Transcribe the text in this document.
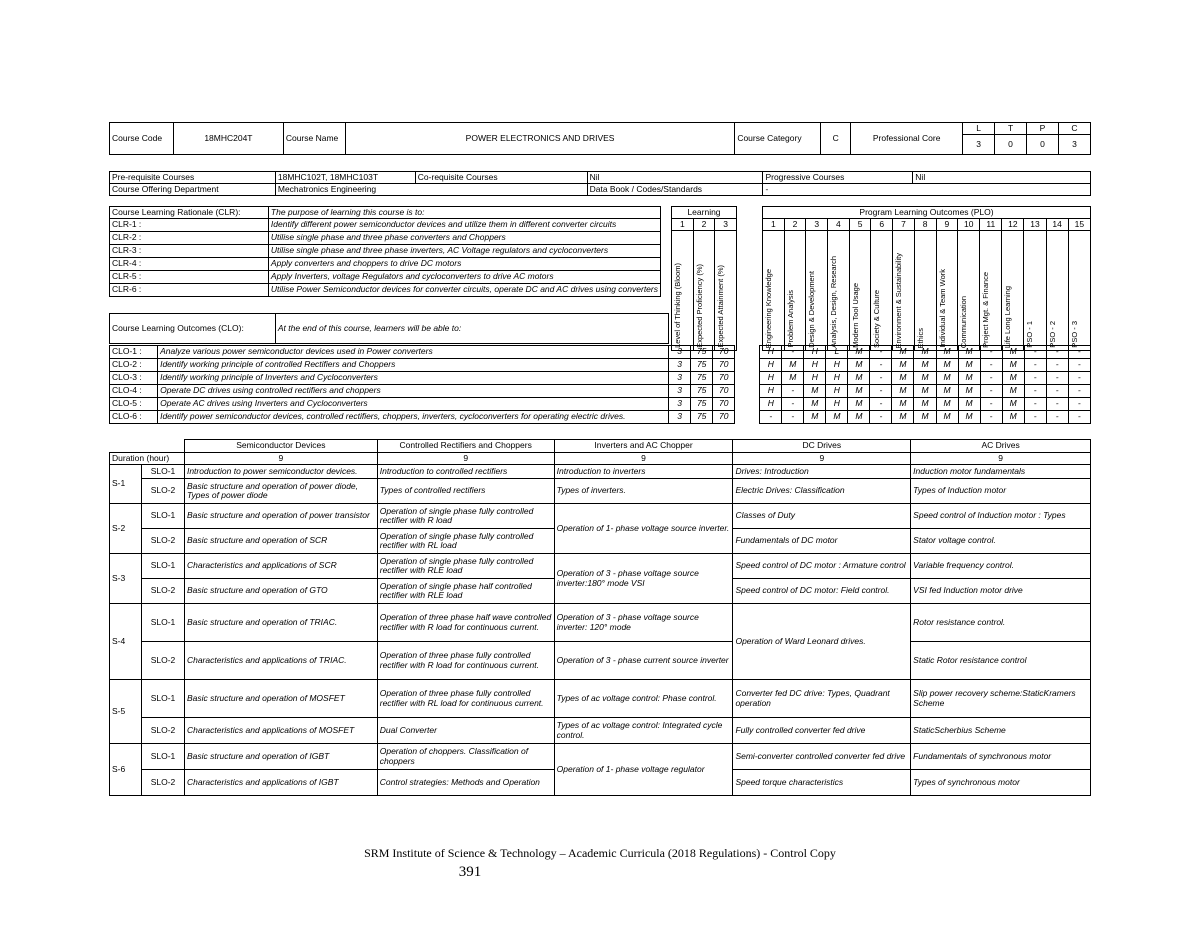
Course Code	18MHC204T	Course Name	POWER ELECTRONICS AND DRIVES	Course Category	C	Professional Core	L	T	P	C
							3	0	0	3
Pre-requisite Courses	18MHC102T, 18MHC103T	Co-requisite Courses	Nil	Progressive Courses	Nil
Course Offering Department	Mechatronics Engineering		Data Book / Codes/Standards	-	
Course Learning Rationale (CLR):	The purpose of learning this course is to:
CLR-1 :	Identify different power semiconductor devices and utilize them in different converter circuits
CLR-2 :	Utilise single phase and three phase converters and Choppers
CLR-3 :	Utilise single phase and three phase inverters, AC Voltage regulators and cycloconverters
CLR-4 :	Apply converters and choppers to drive DC motors
CLR-5 :	Apply Inverters, voltage Regulators and cycloconverters to drive AC motors
CLR-6 :	Utilise Power Semiconductor devices for converter circuits, operate DC and AC drives using converters
Course Learning Outcomes (CLO):	At the end of this course, learners will be able to:
Learning		
1	2	3

Level of Thinking (Bloom)	Expected Proficiency (%)	Expected Attainment (%)
Program Learning Outcomes (PLO)														
1	2	3	4	5	6	7	8	9	10	11	12	13	14	15

Engineering Knowledge	Problem Analysis	Design & Development	Analysis, Design, Research	Modern Tool Usage	Society & Culture	Environment & Sustainability	Ethics	Individual & Team Work	Communication	Project Mgt. & Finance	Life Long Learning	PSO - 1	PSO - 2	PSO - 3
CLO-1 :	Analyze various power semiconductor devices used in Power converters	3	75	70		H	-	H	L	M	-	M	M	M	M	-	M	-	-	-
CLO-2 :	Identify working principle of controlled Rectifiers and Choppers	3	75	70		H	M	H	H	M	-	M	M	M	M	-	M	-	-	-
CLO-3 :	Identify working principle of Inverters and Cycloconverters	3	75	70		H	M	H	H	M	-	M	M	M	M	-	M	-	-	-
CLO-4 :	Operate DC drives using controlled rectifiers and choppers	3	75	70		H	-	M	H	M	-	M	M	M	M	-	M	-	-	-
CLO-5 :	Operate AC drives using Inverters and Cycloconverters	3	75	70		H	-	M	H	M	-	M	M	M	M	-	M	-	-	-
CLO-6 :	Identify power semiconductor devices, controlled rectifiers, choppers, inverters, cycloconverters for operating electric drives.	3	75	70		-	-	M	M	M	-	M	M	M	M	-	M	-	-	-
		Semiconductor Devices	Controlled Rectifiers and Choppers	Inverters and AC Chopper	DC Drives	AC Drives
Duration (hour)		9	9	9	9	9
S-1	SLO-1	Introduction to power semiconductor devices.	Introduction to controlled rectifiers	Introduction to inverters	Drives: Introduction	Induction motor fundamentals
	SLO-2	Basic structure and operation of power diode, Types of power diode	Types of controlled rectifiers	Types of inverters.	Electric Drives: Classification	Types of Induction motor
S-2	SLO-1	Basic structure and operation of power transistor	Operation of single phase fully controlled rectifier with R load	Operation of 1- phase voltage source inverter.	Classes of Duty	Speed control of Induction motor : Types
	SLO-2	Basic structure and operation of SCR	Operation of single phase fully controlled rectifier with RL load		Fundamentals of DC motor	Stator voltage control.
S-3	SLO-1	Characteristics and applications of SCR	Operation of single phase fully controlled rectifier with RLE load	Operation of 3 - phase voltage source inverter:180° mode VSI	Speed control of DC motor : Armature control	Variable frequency control.
	SLO-2	Basic structure and operation of GTO	Operation of single phase half controlled rectifier with RLE load		Speed control of DC motor: Field control.	VSI fed Induction motor drive
S-4	SLO-1	Basic structure and operation of TRIAC.	Operation of three phase half wave controlled rectifier with R load for continuous current.	Operation of 3 - phase voltage source inverter: 120° mode	Operation of Ward Leonard drives.	Rotor resistance control.
	SLO-2	Characteristics and applications of TRIAC.	Operation of three phase fully controlled rectifier with R load for continuous current.	Operation of 3 - phase current source inverter		Static Rotor resistance control
S-5	SLO-1	Basic structure and operation of MOSFET	Operation of three phase fully controlled rectifier with RL load for continuous current.	Types of ac voltage control: Phase control.	Converter fed DC drive: Types, Quadrant operation	Slip power recovery scheme:StaticKramers Scheme
	SLO-2	Characteristics and applications of MOSFET	Dual Converter	Types of ac voltage control: Integrated cycle control.	Fully controlled converter fed drive	StaticScherbius Scheme
S-6	SLO-1	Basic structure and operation of IGBT	Operation of choppers. Classification of choppers	Operation of 1- phase voltage regulator	Semi-converter controlled converter fed drive	Fundamentals of synchronous motor
	SLO-2	Characteristics and applications of IGBT	Control strategies: Methods and Operation		Speed torque characteristics	Types of synchronous motor
SRM Institute of Science & Technology – Academic Curricula (2018 Regulations) - Control Copy
391
